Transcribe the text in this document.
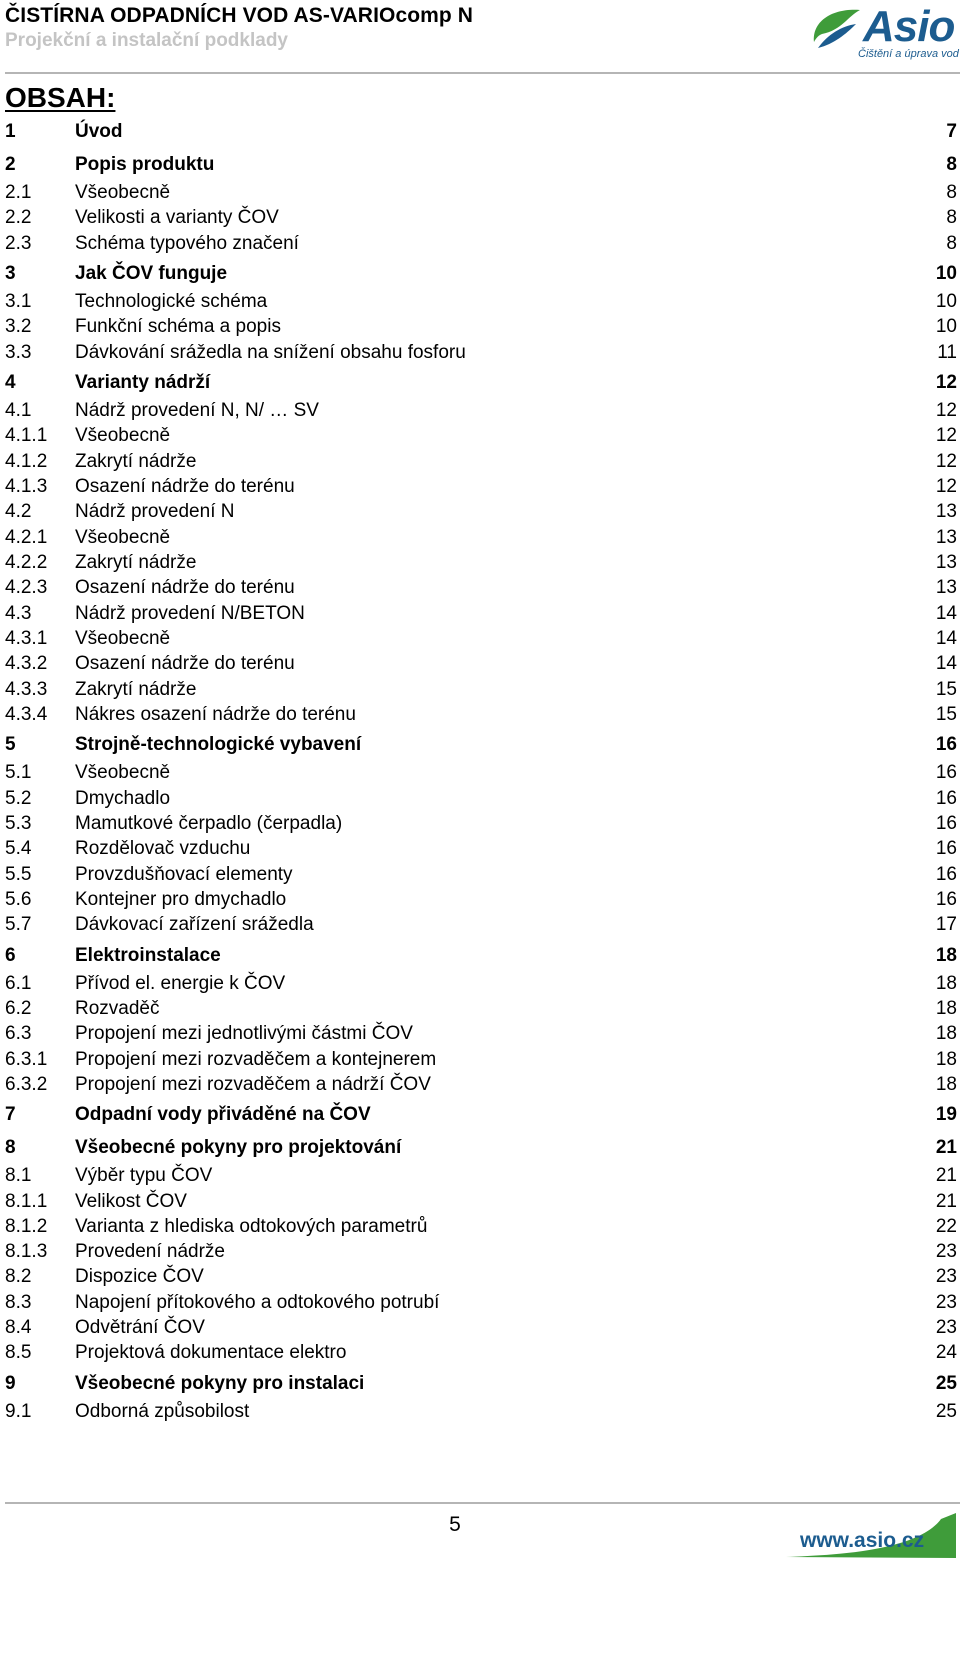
ČISTÍRNA ODPADNÍCH VOD AS-VARIOcomp N
Projekční a instalační podklady	Asio
Čištění a úprava vod
OBSAH:
1	Úvod	7
2	Popis produktu	8
2.1 Všeobecně	8
2.2 Velikosti a varianty ČOV	8
2.3 Schéma typového značení	8
3	Jak ČOV funguje	10
3.1 Technologické schéma	10
3.2 Funkční schéma a popis	10
3.3 Dávkování srážedla na snížení obsahu fosforu	11
4	Varianty nádrží	12
4.1 Nádrž provedení N, N/ … SV	12
4.1.1 Všeobecně	12
4.1.2 Zakrytí nádrže	12
4.1.3 Osazení nádrže do terénu	12
4.2 Nádrž provedení N	13
4.2.1 Všeobecně	13
4.2.2 Zakrytí nádrže	13
4.2.3 Osazení nádrže do terénu	13
4.3 Nádrž provedení N/BETON	14
4.3.1 Všeobecně	14
4.3.2 Osazení nádrže do terénu	14
4.3.3 Zakrytí nádrže	15
4.3.4 Nákres osazení nádrže do terénu	15
5	Strojně-technologické vybavení	16
5.1 Všeobecně	16
5.2 Dmychadlo	16
5.3 Mamutkové čerpadlo (čerpadla)	16
5.4 Rozdělovač vzduchu	16
5.5 Provzdušňovací elementy	16
5.6 Kontejner pro dmychadlo	16
5.7 Dávkovací zařízení srážedla	17
6	Elektroinstalace	18
6.1 Přívod el. energie k ČOV	18
6.2 Rozvaděč	18
6.3 Propojení mezi jednotlivými částmi ČOV	18
6.3.1 Propojení mezi rozvaděčem a kontejnerem	18
6.3.2 Propojení mezi rozvaděčem a nádrží ČOV	18
7	Odpadní vody přiváděné na ČOV	19
8	Všeobecné pokyny pro projektování	21
8.1 Výběr typu ČOV	21
8.1.1 Velikost ČOV	21
8.1.2 Varianta z hlediska odtokových parametrů	22
8.1.3 Provedení nádrže	23
8.2 Dispozice ČOV	23
8.3 Napojení přítokového a odtokového potrubí	23
8.4 Odvětrání ČOV	23
8.5 Projektová dokumentace elektro	24
9	Všeobecné pokyny pro instalaci	25
9.1 Odborná způsobilost	25
5
www.asio.cz
